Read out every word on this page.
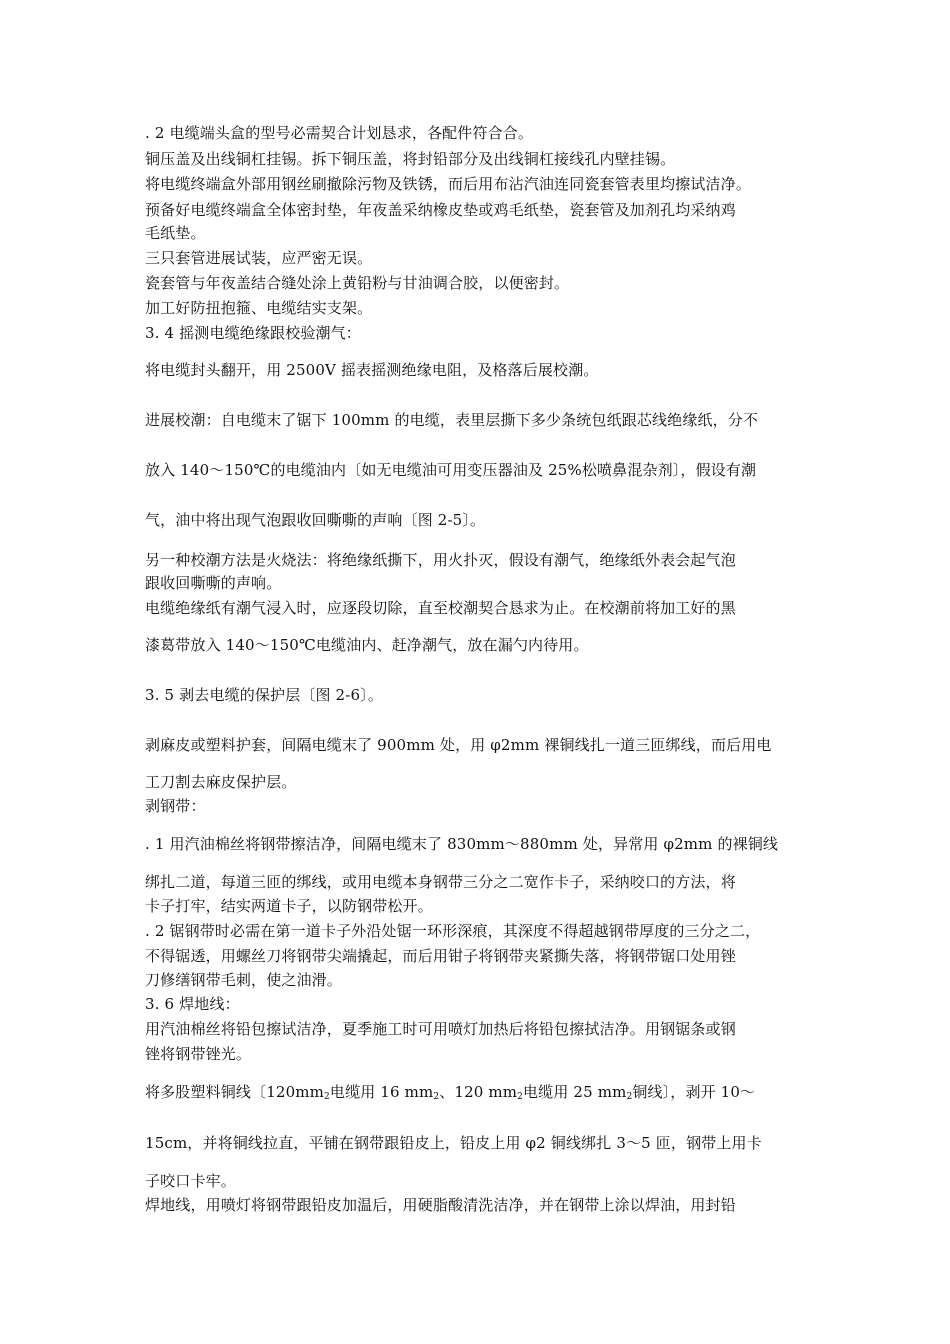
. 2 电缆端头盒的型号必需契合计划恳求，各配件符合合。
铜压盖及出线铜杠挂锡。拆下铜压盖，将封铅部分及出线铜杠接线孔内壁挂锡。
将电缆终端盒外部用钢丝刷撤除污物及铁锈，而后用布沾汽油连同瓷套管表里均擦试洁净。
预备好电缆终端盒全体密封垫，年夜盖采纳橡皮垫或鸡毛纸垫，瓷套管及加剂孔均采纳鸡
毛纸垫。
三只套管进展试装，应严密无误。
瓷套管与年夜盖结合缝处涂上黄铅粉与甘油调合胶，以便密封。
加工好防扭抱箍、电缆结实支架。
3. 4 摇测电缆绝缘跟校验潮气：
将电缆封头翻开，用 2500V 摇表摇测绝缘电阻，及格落后展校潮。
进展校潮：自电缆末了锯下 100mm 的电缆，表里层撕下多少条统包纸跟芯线绝缘纸，分不
放入 140～150℃的电缆油内〔如无电缆油可用变压器油及 25%松喷鼻混杂剂〕，假设有潮
气，油中将出现气泡跟收回嘶嘶的声响〔图 2-5〕。
另一种校潮方法是火烧法：将绝缘纸撕下，用火扑灭，假设有潮气，绝缘纸外表会起气泡
跟收回嘶嘶的声响。
电缆绝缘纸有潮气浸入时，应逐段切除，直至校潮契合恳求为止。在校潮前将加工好的黑
漆葛带放入 140～150℃电缆油内、赶净潮气，放在漏勺内待用。
3. 5 剥去电缆的保护层〔图 2-6〕。
剥麻皮或塑料护套，间隔电缆末了 900mm 处，用 φ2mm 裸铜线扎一道三匝绑线，而后用电
工刀割去麻皮保护层。
剥钢带：
. 1 用汽油棉丝将钢带擦洁净，间隔电缆末了 830mm～880mm 处，异常用 φ2mm 的裸铜线
绑扎二道，每道三匝的绑线，或用电缆本身钢带三分之二宽作卡子，采纳咬口的方法，将
卡子打牢，结实两道卡子，以防钢带松开。
. 2 锯钢带时必需在第一道卡子外沿处锯一环形深痕，其深度不得超越钢带厚度的三分之二，
不得锯透，用螺丝刀将钢带尖端撬起，而后用钳子将钢带夹紧撕失落，将钢带锯口处用锉
刀修缮钢带毛刺，使之油滑。
3. 6 焊地线：
用汽油棉丝将铅包擦试洁净，夏季施工时可用喷灯加热后将铅包擦拭洁净。用钢锯条或钢
锉将钢带锉光。
将多股塑料铜线〔$120mm_2$电缆用 16 $mm_2$、120 $mm_2$电缆用 25 $mm_2$铜线〕，剥开 10～
15cm，并将铜线拉直，平铺在钢带跟铅皮上，铅皮上用 φ2 铜线绑扎 3～5 匝，钢带上用卡
子咬口卡牢。
焊地线，用喷灯将钢带跟铅皮加温后，用硬脂酸清洗洁净，并在钢带上涂以焊油，用封铅
